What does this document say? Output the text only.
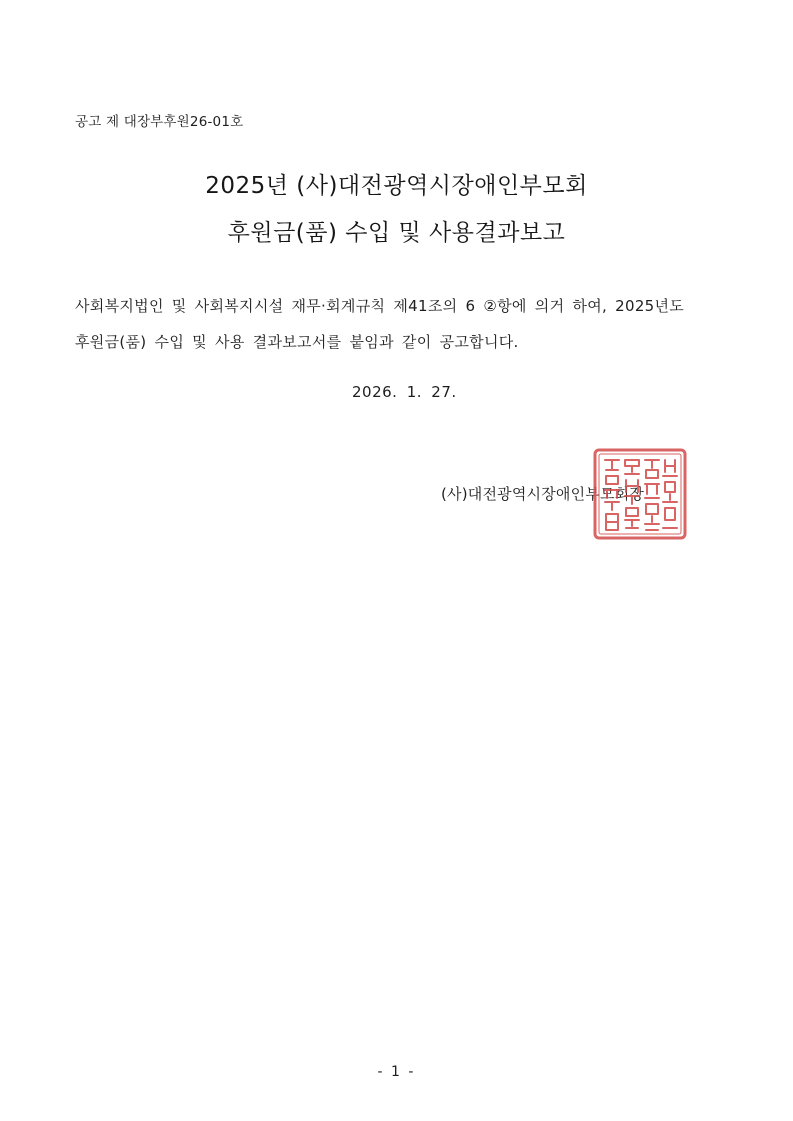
공고 제 대장부후원26-01호
2025년 (사)대전광역시장애인부모회
후원금(품) 수입 및 사용결과보고
사회복지법인 및 사회복지시설 재무·회계규칙 제41조의 6 ②항에 의거 하여, 2025년도
후원금(품) 수입 및 사용 결과보고서를 붙임과 같이 공고합니다.
2026. 1. 27.
(사)대전광역시장애인부모회장
- 1 -
